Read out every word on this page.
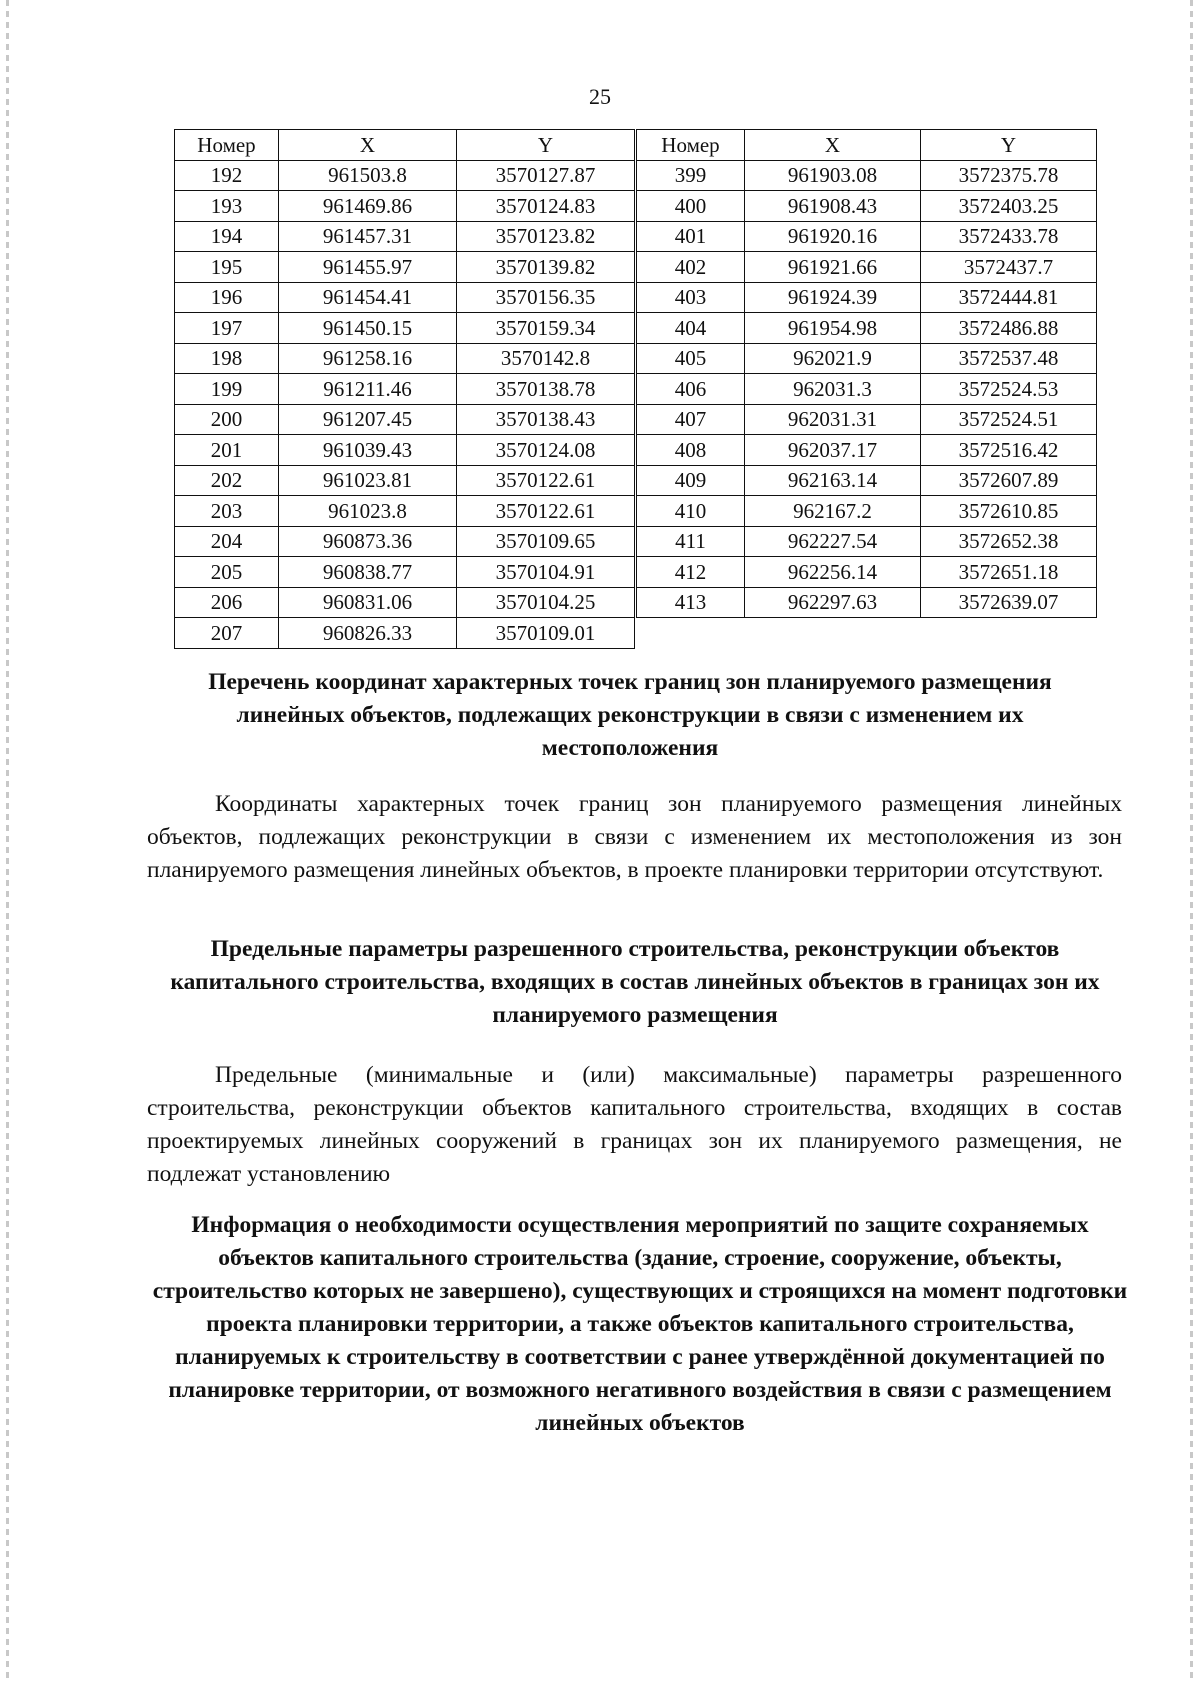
25
Номер	X	Y
192	961503.8	3570127.87
193	961469.86	3570124.83
194	961457.31	3570123.82
195	961455.97	3570139.82
196	961454.41	3570156.35
197	961450.15	3570159.34
198	961258.16	3570142.8
199	961211.46	3570138.78
200	961207.45	3570138.43
201	961039.43	3570124.08
202	961023.81	3570122.61
203	961023.8	3570122.61
204	960873.36	3570109.65
205	960838.77	3570104.91
206	960831.06	3570104.25
207	960826.33	3570109.01
Номер	X	Y
399	961903.08	3572375.78
400	961908.43	3572403.25
401	961920.16	3572433.78
402	961921.66	3572437.7
403	961924.39	3572444.81
404	961954.98	3572486.88
405	962021.9	3572537.48
406	962031.3	3572524.53
407	962031.31	3572524.51
408	962037.17	3572516.42
409	962163.14	3572607.89
410	962167.2	3572610.85
411	962227.54	3572652.38
412	962256.14	3572651.18
413	962297.63	3572639.07
Перечень координат характерных точек границ зон планируемого размещения линейных объектов, подлежащих реконструкции в связи с изменением их местоположения
Координаты характерных точек границ зон планируемого размещения линейных объектов, подлежащих реконструкции в связи с изменением их местоположения из зон планируемого размещения линейных объектов, в проекте планировки территории отсутствуют.
Предельные параметры разрешенного строительства, реконструкции объектов капитального строительства, входящих в состав линейных объектов в границах зон их планируемого размещения
Предельные (минимальные и (или) максимальные) параметры разрешенного строительства, реконструкции объектов капитального строительства, входящих в состав проектируемых линейных сооружений в границах зон их планируемого размещения, не подлежат установлению
Информация о необходимости осуществления мероприятий по защите сохраняемых объектов капитального строительства (здание, строение, сооружение, объекты, строительство которых не завершено), существующих и строящихся на момент подготовки проекта планировки территории, а также объектов капитального строительства, планируемых к строительству в соответствии с ранее утверждённой документацией по планировке территории, от возможного негативного воздействия в связи с размещением линейных объектов
